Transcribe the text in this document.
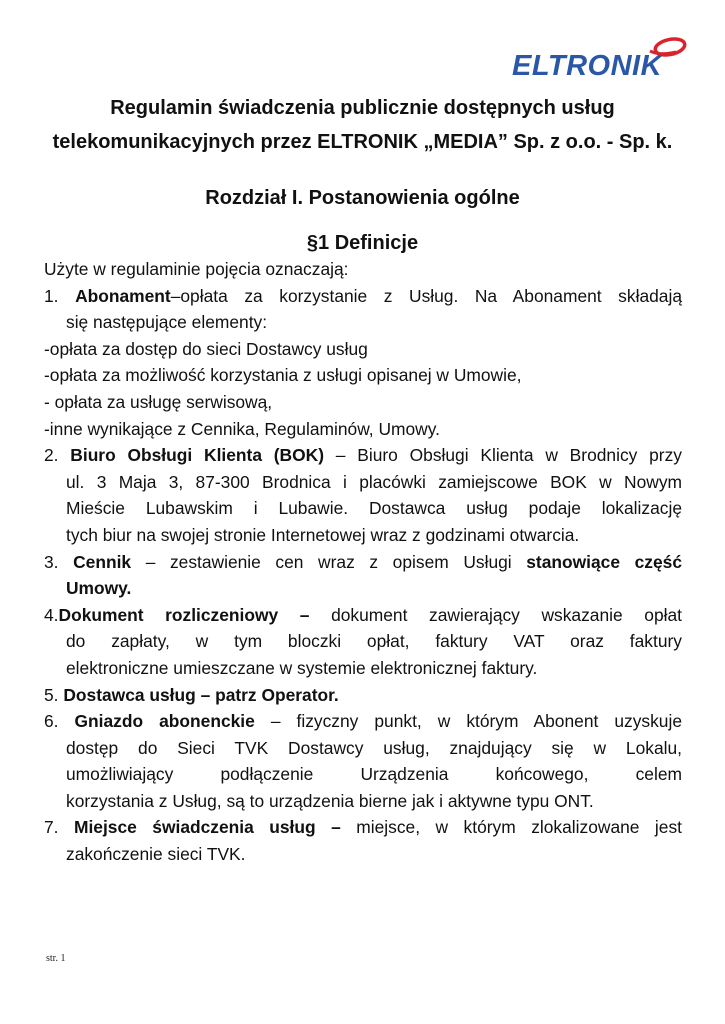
ELTRONIK
Regulamin świadczenia publicznie dostępnych usług
telekomunikacyjnych przez ELTRONIK „MEDIA” Sp. z o.o. - Sp. k.
Rozdział I. Postanowienia ogólne
§1 Definicje
Użyte w regulaminie pojęcia oznaczają:
1. Abonament–opłata za korzystanie z Usług. Na Abonament składają
się następujące elementy:
-opłata za dostęp do sieci Dostawcy usług
-opłata za możliwość korzystania z usługi opisanej w Umowie,
- opłata za usługę serwisową,
-inne wynikające z Cennika, Regulaminów, Umowy.
2. Biuro Obsługi Klienta (BOK) – Biuro Obsługi Klienta w Brodnicy przy
ul. 3 Maja 3, 87-300 Brodnica i placówki zamiejscowe BOK w Nowym
Mieście Lubawskim i Lubawie. Dostawca usług podaje lokalizację
tych biur na swojej stronie Internetowej wraz z godzinami otwarcia.
3. Cennik – zestawienie cen wraz z opisem Usługi stanowiące część
Umowy.
4.Dokument rozliczeniowy – dokument zawierający wskazanie opłat
do zapłaty, w tym bloczki opłat, faktury VAT oraz faktury
elektroniczne umieszczane w systemie elektronicznej faktury.
5. Dostawca usług – patrz Operator.
6. Gniazdo abonenckie – fizyczny punkt, w którym Abonent uzyskuje
dostęp do Sieci TVK Dostawcy usług, znajdujący się w Lokalu,
umożliwiający podłączenie Urządzenia końcowego, celem
korzystania z Usług, są to urządzenia bierne jak i aktywne typu ONT.
7. Miejsce świadczenia usług – miejsce, w którym zlokalizowane jest
zakończenie sieci TVK.
str. 1
